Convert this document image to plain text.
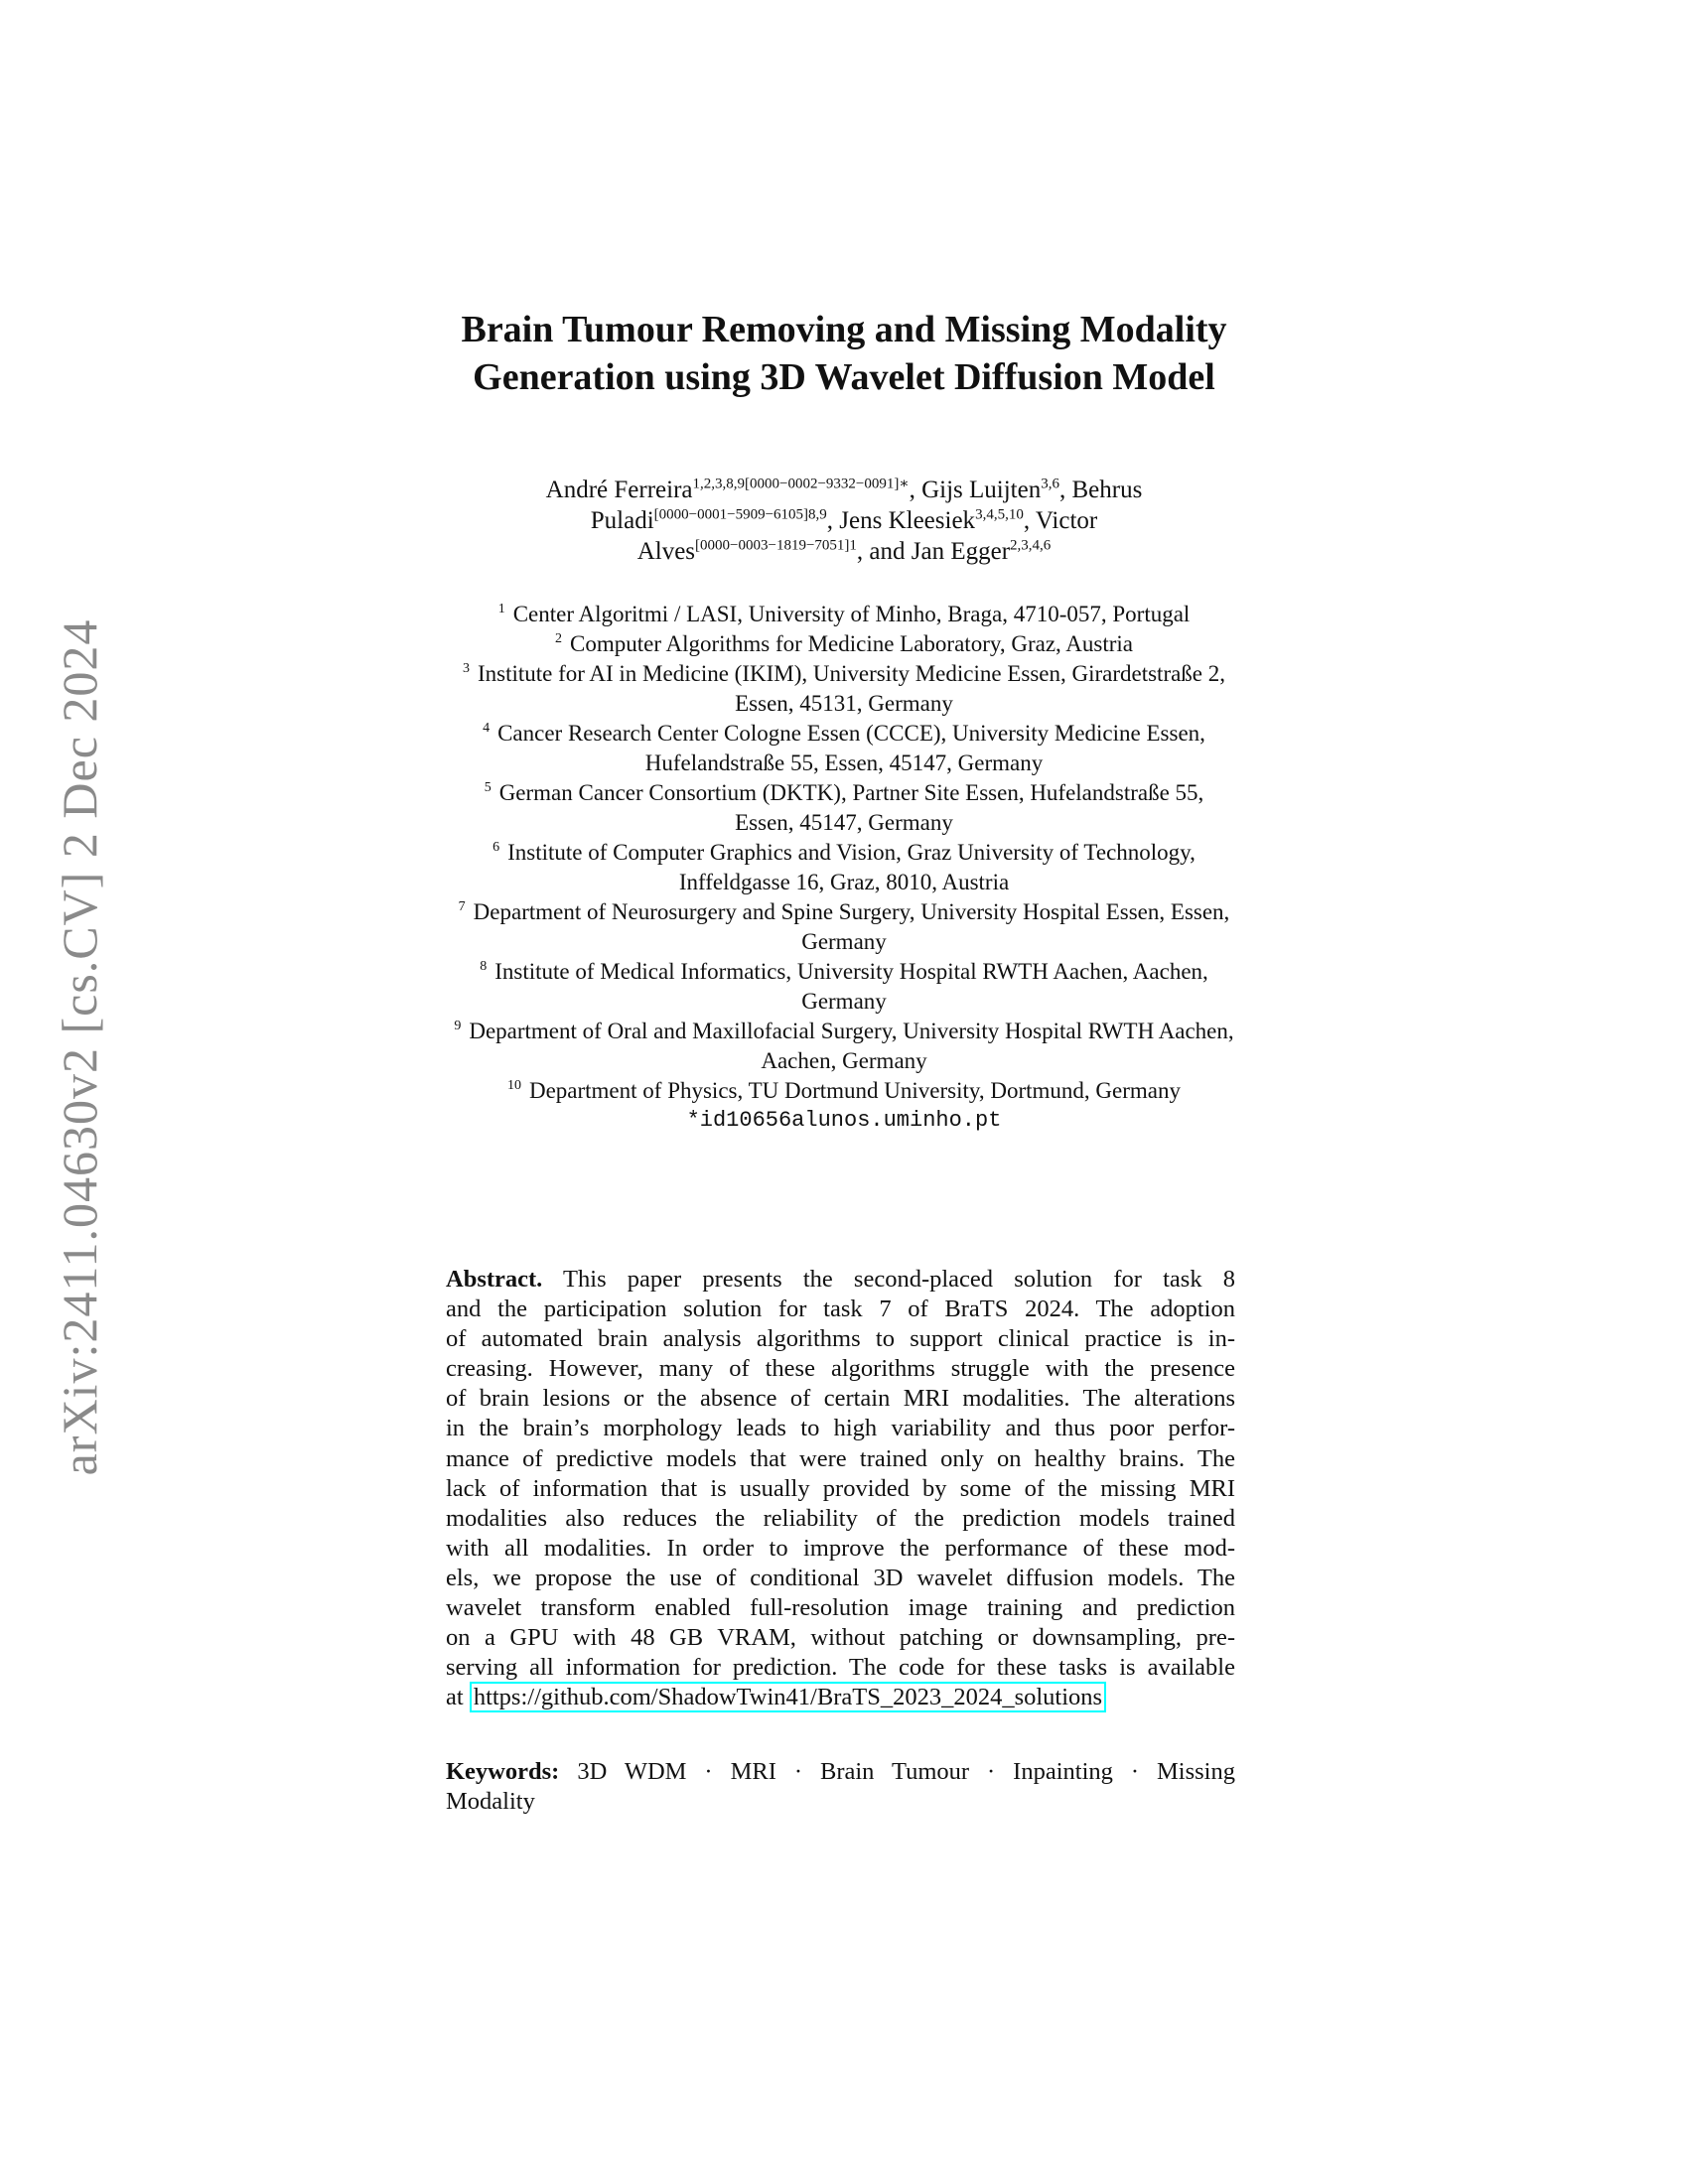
arXiv:2411.04630v2 [cs.CV] 2 Dec 2024
Brain Tumour Removing and Missing Modality
Generation using 3D Wavelet Diffusion Model
André Ferreira$^{1,2,3,8,9[0000-0002-9332-0091]∗}$, Gijs Luijten$^{3,6}$, Behrus
Puladi$^{[0000-0001-5909-6105]8,9}$, Jens Kleesiek$^{3,4,5,10}$, Victor
Alves$^{[0000-0003-1819-7051]1}$, and Jan Egger$^{2,3,4,6}$
$^1$ Center Algoritmi / LASI, University of Minho, Braga, 4710-057, Portugal
$^2$ Computer Algorithms for Medicine Laboratory, Graz, Austria
$^3$ Institute for AI in Medicine (IKIM), University Medicine Essen, Girardetstraße 2,
Essen, 45131, Germany
$^4$ Cancer Research Center Cologne Essen (CCCE), University Medicine Essen,
Hufelandstraße 55, Essen, 45147, Germany
$^5$ German Cancer Consortium (DKTK), Partner Site Essen, Hufelandstraße 55,
Essen, 45147, Germany
$^6$ Institute of Computer Graphics and Vision, Graz University of Technology,
Inffeldgasse 16, Graz, 8010, Austria
$^7$ Department of Neurosurgery and Spine Surgery, University Hospital Essen, Essen,
Germany
$^8$ Institute of Medical Informatics, University Hospital RWTH Aachen, Aachen,
Germany
$^9$ Department of Oral and Maxillofacial Surgery, University Hospital RWTH Aachen,
Aachen, Germany
$^{10}$ Department of Physics, TU Dortmund University, Dortmund, Germany
*id10656alunos.uminho.pt
Abstract. This paper presents the second-placed solution for task 8
and the participation solution for task 7 of BraTS 2024. The adoption
of automated brain analysis algorithms to support clinical practice is in-
creasing. However, many of these algorithms struggle with the presence
of brain lesions or the absence of certain MRI modalities. The alterations
in the brain’s morphology leads to high variability and thus poor perfor-
mance of predictive models that were trained only on healthy brains. The
lack of information that is usually provided by some of the missing MRI
modalities also reduces the reliability of the prediction models trained
with all modalities. In order to improve the performance of these mod-
els, we propose the use of conditional 3D wavelet diffusion models. The
wavelet transform enabled full-resolution image training and prediction
on a GPU with 48 GB VRAM, without patching or downsampling, pre-
serving all information for prediction. The code for these tasks is available
at https://github.com/ShadowTwin41/BraTS_2023_2024_solutions
Keywords: 3D WDM · MRI · Brain Tumour · Inpainting · Missing
Modality
